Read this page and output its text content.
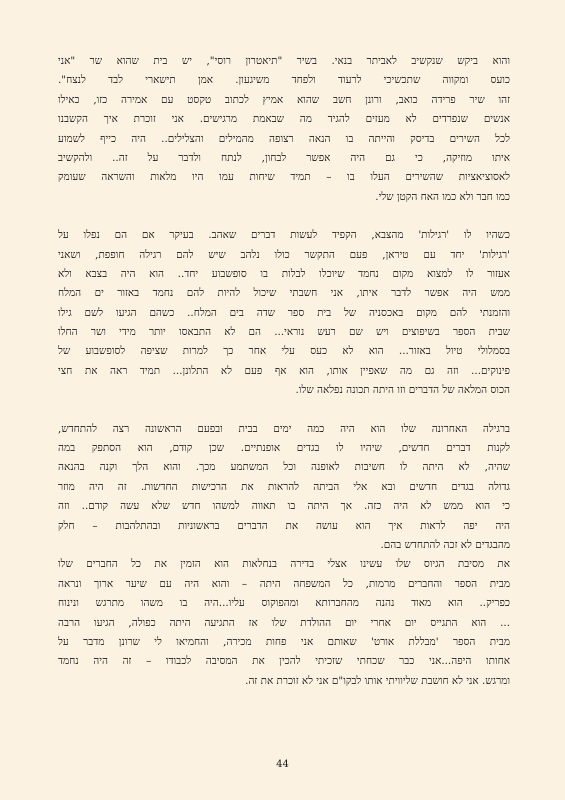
והוא ביקש שנקשיב לאביתר בנאי. בשיר "תיאטרון רוסי", יש בית שהוא שר "אני
כועס ומקווה שתכשיכי לרעוד ולפחד משיגעון. אמן תישארי לבד לנצח".
זהו שיר פרידה כואב, ורונן חשב שהוא אמיץ לכתוב טקסט עם אמירה כזו, כאילו
אנשים שנפרדים לא מעזים להגיד מה שבאמת מרגישים. אני זוכרת איך הקשבנו
לכל השירים בדיסק והייתה בו הנאה רצופה מהמילים והצלילים.. היה כייף לשמוע
איתו מוזיקה, כי גם היה אפשר לבחון, לנתח ולדבר על זה.. ולהקשיב
לאסוציאציות שהשירים העלו בו – תמיד שיחות עמו היו מלאות והשראה שעומק
כמו חבר ולא כמו האח הקטן שלי.
כשהיו לו 'רגילות' מהצבא, הקפיד לעשות דברים שאהב. בעיקר אם הם נפלו על
'רגילות' יחד עם טיראן, פעם התקשר כולו נלהב שיש להם רגילה חופפת, ושאני
אעזור לו למצוא מקום נחמד שיוכלו לבלות בו סופשבוע יחד.. הוא היה בצבא ולא
ממש היה אפשר לדבר איתו, אני חשבתי שיכול להיות להם נחמד באזור ים המלח
והזמנתי להם מקום באכסניה של בית ספר שדה בים המלח.. כשהם הגיעו לשם גילו
שבית הספר בשיפוצים ויש שם רעש נוראי... הם לא התבאסו יותר מידי ושר החלו
בסמלולי טיול באזור... הוא לא כעס עלי אחר כך למרות שציפה לסופשבוע של
פינוקים... וזה גם מה שאפיין אותו, הוא אף פעם לא התלונן... תמיד ראה את חצי
הכוס המלאה של הדברים וזו היתה תכונה נפלאה שלו.
ברגילה האחרונה שלו הוא היה כמה ימים בבית ובפעם הראשונה רצה להתחדש,
לקנות דברים חדשים, שיהיו לו בגדים אופנתיים. שכן קודם, הוא הסתפק במה
שהיה, לא היתה לו חשיבות לאופנה וכל המשתמע מכך. והוא הלך וקנה בהנאה
גדולה בגדים חדשים ובא אלי הביתה להראות את הרכישות החדשות. זה היה מוזר
כי הוא ממש לא היה כזה. אך היתה בו תאווה למשהו חדש שלא עשה קודם.. וזה
היה יפה לראות איך הוא עושה את הדברים בראשוניות ובהתלהבות – חלק
מהבגדים לא זכה להתחדש בהם.
את מסיבת הגיוס שלו עשינו אצלי בדירה בנחלאות הוא הזמין את כל החברים שלו
מבית הספר והחברים מרמות, כל המשפחה היתה – והוא היה עם שיער ארוך ונראה
כפריק.. הוא מאוד נהנה מהחברותא ומהפוקוס עליו...היה בו משהו מתרגש ונינוח
... הוא התגייס יום אחרי יום ההולדת שלו אז התגיעה היתה כפולה, הגיעו הרבה
מבית הספר 'מבללת אורט' שאותם אני פחות מכירה, והחמיאו לי שרונן מדבר על
אחותו היפה...אני כבר שכחתי שזכיתי להכין את המסיבה לכבודו – זה היה נחמד
ומרגש. אני לא חושבת שליוויתי אותו לבקו"ם אני לא זוכרת את זה.
44
